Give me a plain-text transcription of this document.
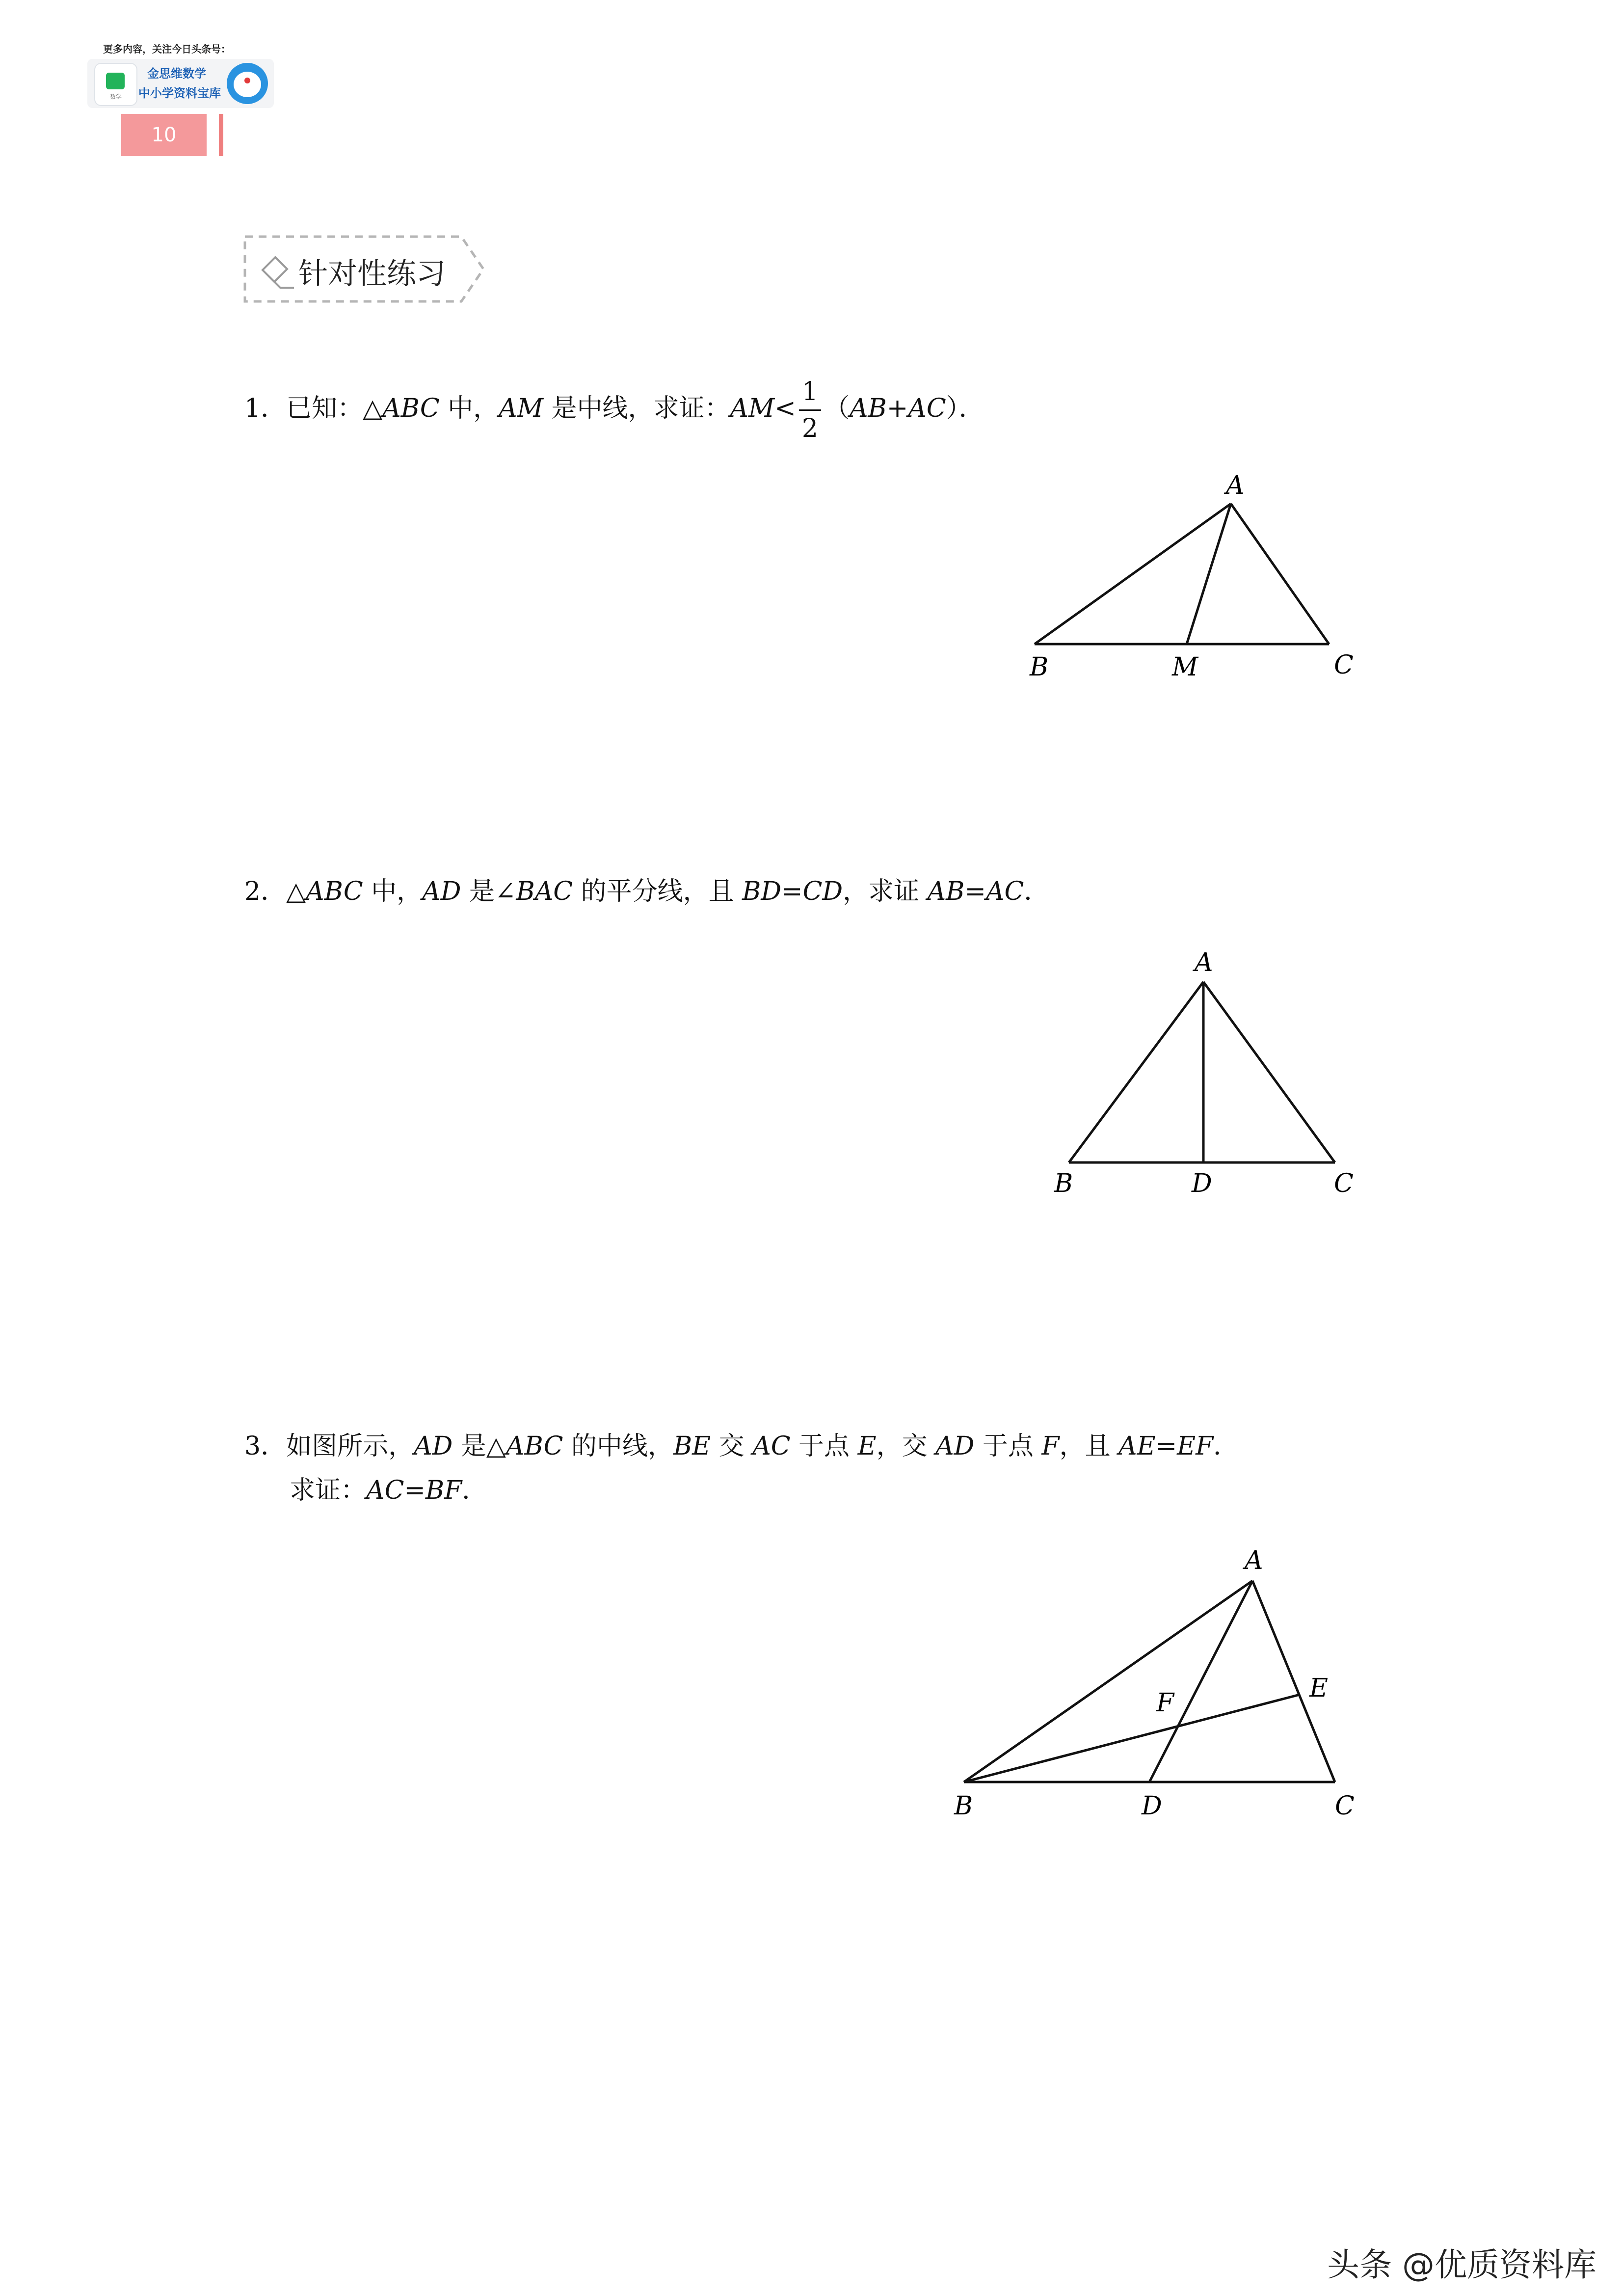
更多内容，关注今日头条号：
数学
金思维数学
中小学资料宝库
10
针对性练习
1．已知：△ABC 中，AM 是中线，求证：$AM< \frac{1}{2} (AB+AC)$．
A
B	M	C
2．△ABC 中，AD 是∠BAC 的平分线，且 BD=CD，求证 AB=AC．
A
B	D	C
3．如图所示，AD 是△ABC 的中线，BE 交 AC 于点 E，交 AD 于点 F，且 AE=EF．
求证：AC=BF．
A
E
F
B	D	C
头条 @优质资料库
